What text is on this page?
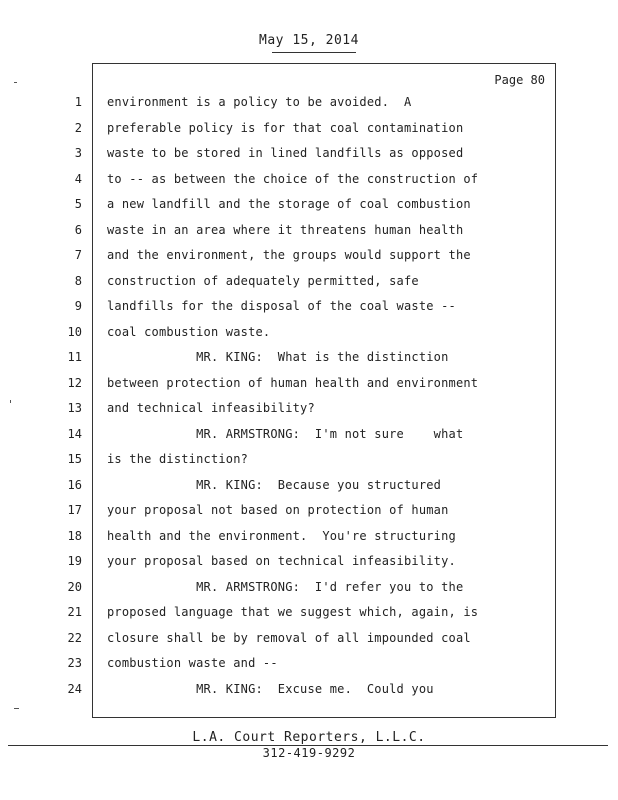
May 15, 2014
Page 80
1 environment is a policy to be avoided.  A
2 preferable policy is for that coal contamination
3 waste to be stored in lined landfills as opposed
4 to -- as between the choice of the construction of
5 a new landfill and the storage of coal combustion
6 waste in an area where it threatens human health
7 and the environment, the groups would support the
8 construction of adequately permitted, safe
9 landfills for the disposal of the coal waste --
10 coal combustion waste.
11 MR. KING:  What is the distinction
12 between protection of human health and environment
13 and technical infeasibility?
14 MR. ARMSTRONG:  I'm not sure    what
15 is the distinction?
16 MR. KING:  Because you structured
17 your proposal not based on protection of human
18 health and the environment.  You're structuring
19 your proposal based on technical infeasibility.
20 MR. ARMSTRONG:  I'd refer you to the
21 proposed language that we suggest which, again, is
22 closure shall be by removal of all impounded coal
23 combustion waste and --
24 MR. KING:  Excuse me.  Could you
L.A. Court Reporters, L.L.C.
312-419-9292
